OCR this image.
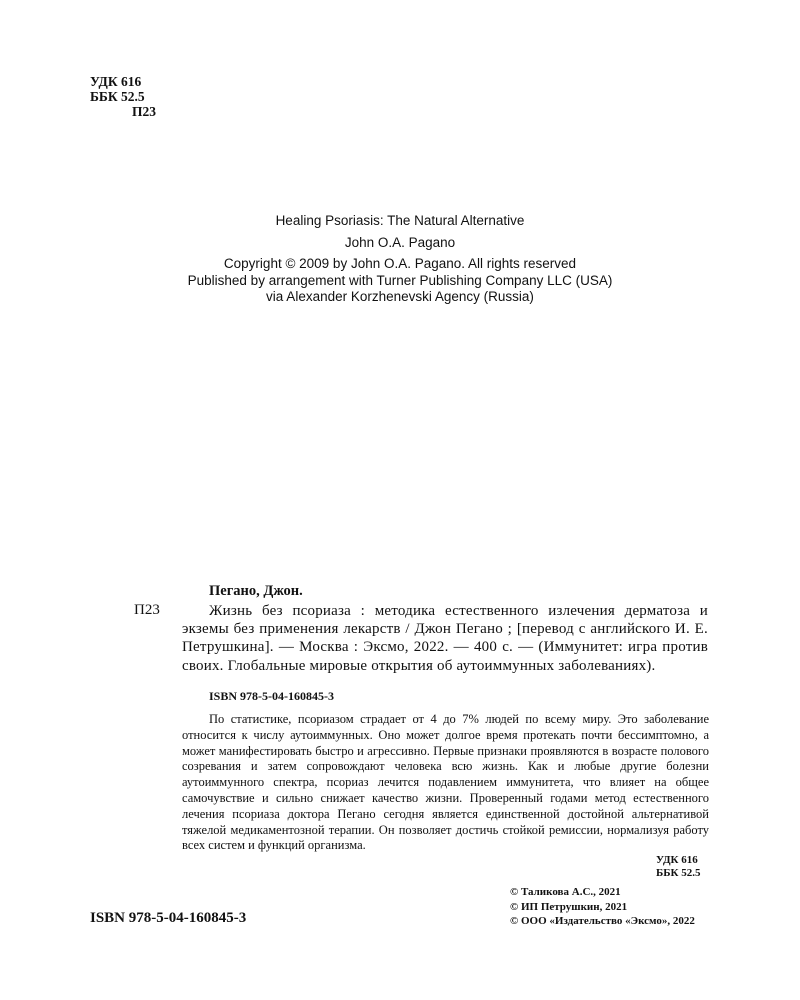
УДК 616
ББК 52.5
П23
Healing Psoriasis: The Natural Alternative
John O.A. Pagano
Copyright © 2009 by John O.A. Pagano. All rights reserved
Published by arrangement with Turner Publishing Company LLC (USA)
via Alexander Korzhenevski Agency (Russia)
Пегано, Джон.
П23	Жизнь без псориаза : методика естественного излечения дерматоза и экземы без применения лекарств / Джон Пегано ; [перевод с английского И. Е. Петрушкина]. — Москва : Эксмо, 2022. — 400 с. — (Иммунитет: игра против своих. Глобальные мировые открытия об аутоиммунных заболеваниях).
ISBN 978-5-04-160845-3
По статистике, псориазом страдает от 4 до 7% людей по всему миру. Это заболевание относится к числу аутоиммунных. Оно может долгое время протекать почти бессимптомно, а может манифестировать быстро и агрессивно. Первые признаки проявляются в возрасте полового созревания и затем сопровождают человека всю жизнь. Как и любые другие болезни аутоиммунного спектра, псориаз лечится подавлением иммунитета, что влияет на общее самочувствие и сильно снижает качество жизни. Проверенный годами метод естественного лечения псориаза доктора Пегано сегодня является единственной достойной альтернативой тяжелой медикаментозной терапии. Он позволяет достичь стойкой ремиссии, нормализуя работу всех систем и функций организма.
УДК 616
ББК 52.5
ISBN 978-5-04-160845-3
© Таликова А.С., 2021
© ИП Петрушкин, 2021
© ООО «Издательство «Эксмо», 2022
